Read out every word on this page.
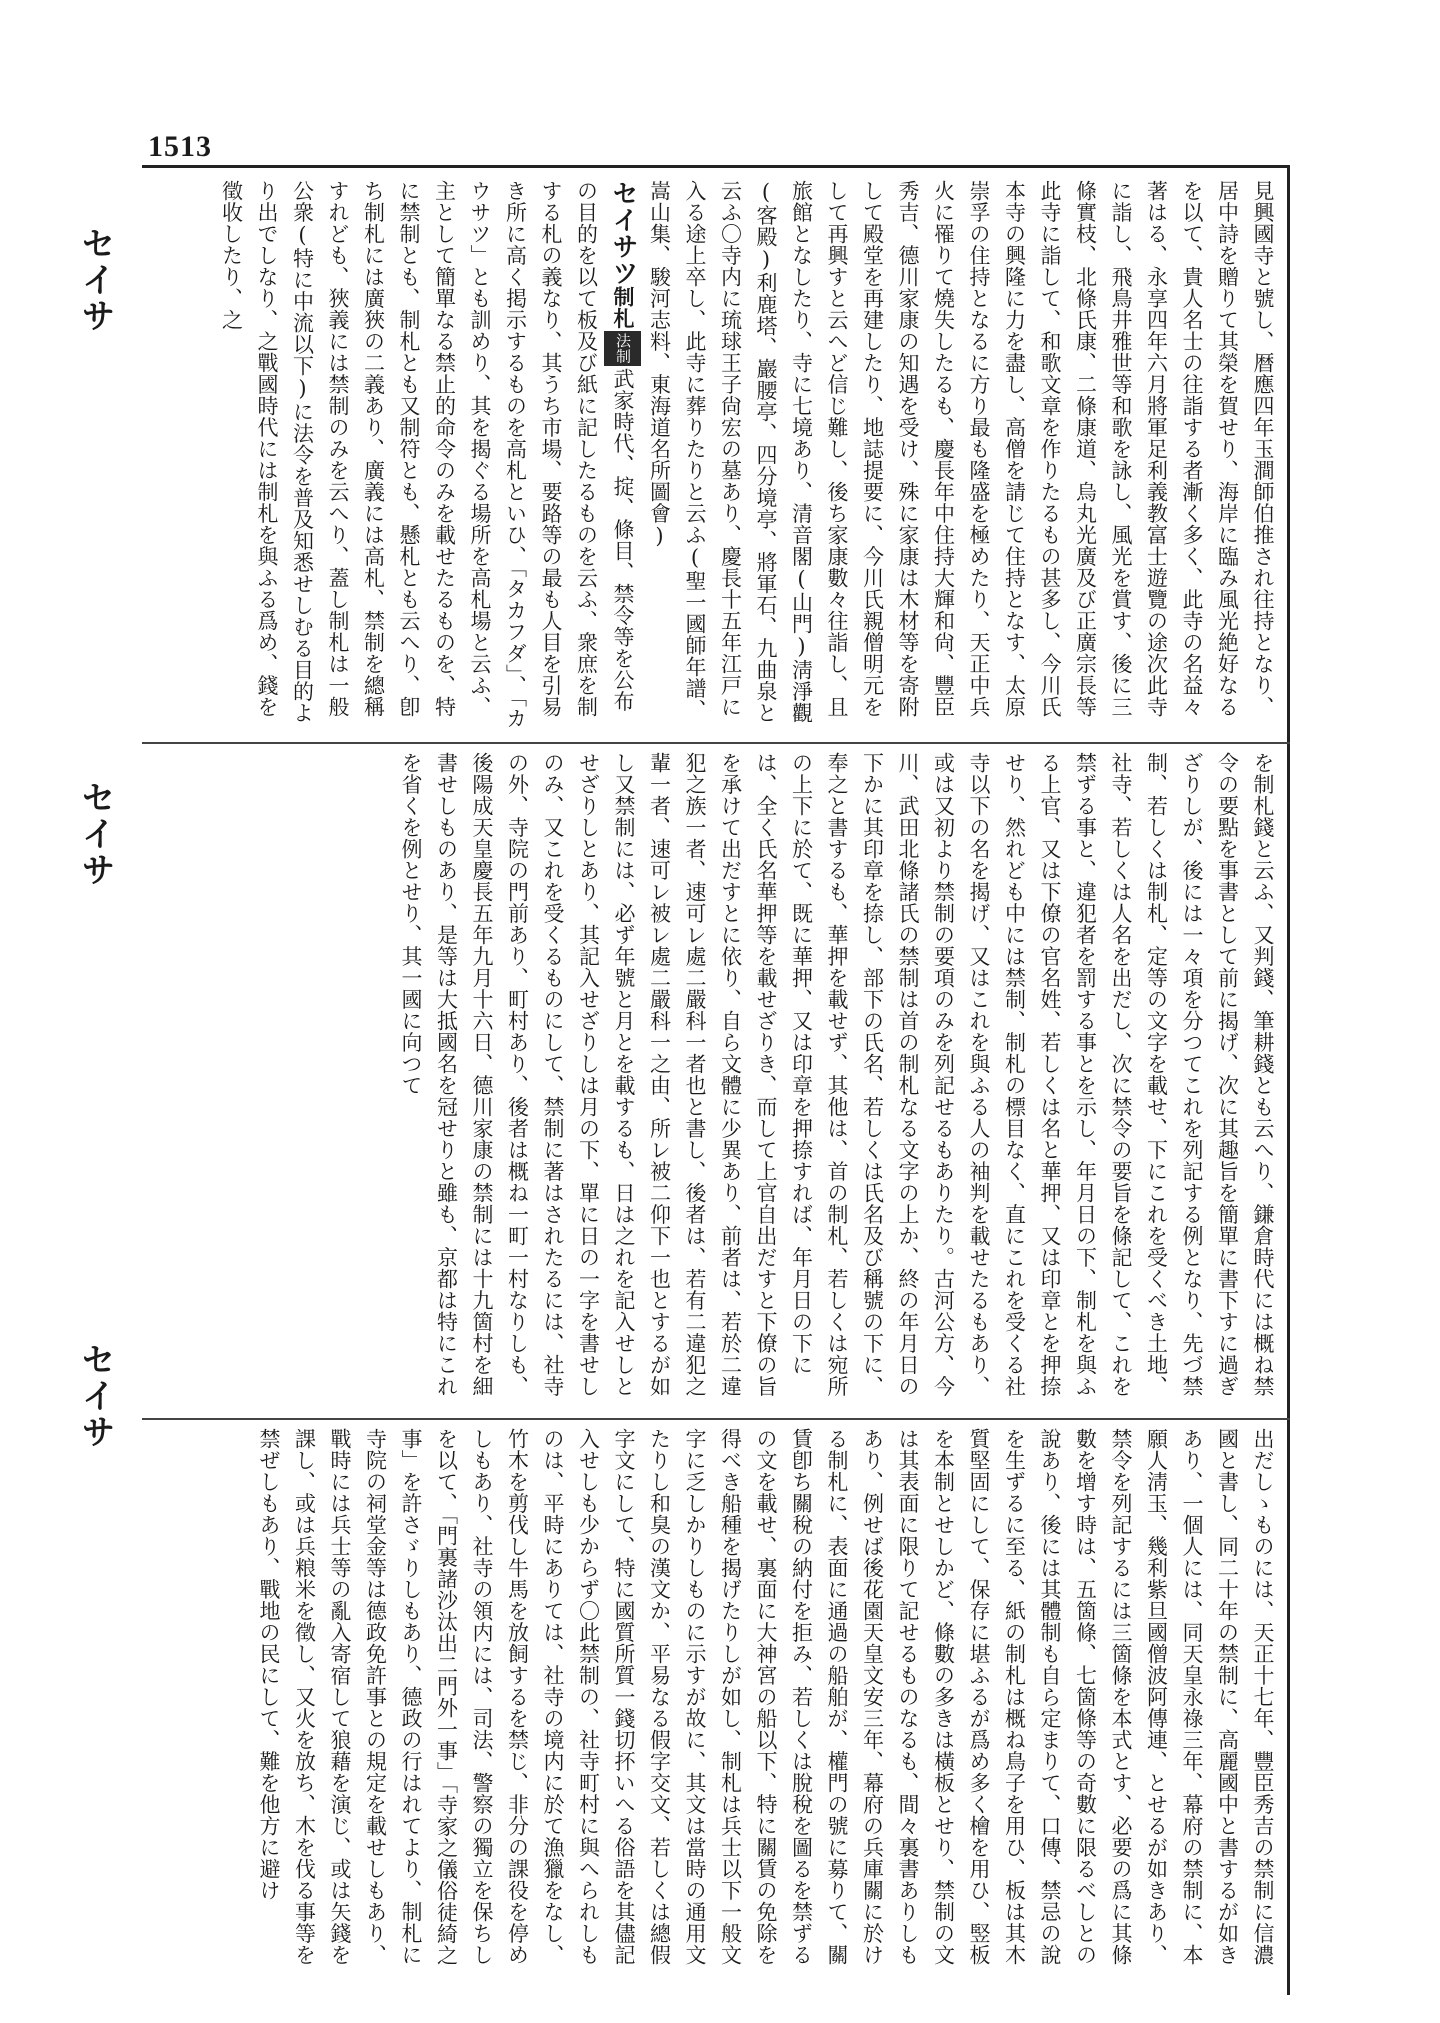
1513
セイサ
セイサ
セイサ

見興國寺と號し、暦應四年玉澗師伯推され往持となり、居中詩を贈りて其榮を賀せり、海岸に臨み風光絶好なるを以て、貴人名士の往詣する者漸く多く、此寺の名益々著はる、永享四年六月將軍足利義教富士遊覽の途次此寺に詣し、飛鳥井雅世等和歌を詠し、風光を賞す、後に三條實枝、北條氏康、二條康道、烏丸光廣及び正廣宗長等此寺に詣して、和歌文章を作りたるもの甚多し、今川氏本寺の興隆に力を盡し、高僧を請じて住持となす、太原崇孚の住持となるに方り最も隆盛を極めたり、天正中兵火に罹りて燒失したるも、慶長年中住持大輝和尙、豐臣秀吉、德川家康の知遇を受け、殊に家康は木材等を寄附して殿堂を再建したり、地誌提要に、今川氏親僧明元をして再興すと云へど信じ難し、後ち家康數々往詣し、且旅館となしたり、寺に七境あり、清音閣(山門)淸淨觀(客殿)利鹿塔、巖腰亭、四分境亭、將軍石、九曲泉と云ふ〇寺内に琉球王子尙宏の墓あり、慶長十五年江戸に入る途上卒し、此寺に葬りたりと云ふ(聖一國師年譜、嵩山集、駿河志料、東海道名所圖會)

セイサツ制札法制武家時代、掟、條目、禁令等を公布の目的を以て板及び紙に記したるものを云ふ、衆庶を制する札の義なり、其うち市場、要路等の最も人目を引易き所に高く掲示するものを高札といひ、「タカフダ」、「カウサツ」とも訓めり、其を揭ぐる場所を高札場と云ふ、主として簡單なる禁止的命令のみを載せたるものを、特に禁制とも、制札とも又制符とも、懸札とも云へり、卽ち制札には廣狹の二義あり、廣義には高札、禁制を總稱すれども、狹義には禁制のみを云へり、蓋し制札は一般公衆(特に中流以下)に法令を普及知悉せしむる目的より出でしなり、之戰國時代には制札を與ふる爲め、錢を徵收したり、之

を制札錢と云ふ、又判錢、筆耕錢とも云へり、鎌倉時代には概ね禁令の要點を事書として前に揭げ、次に其趣旨を簡單に書下すに過ぎざりしが、後には一々項を分つてこれを列記する例となり、先づ禁制、若しくは制札、定等の文字を載せ、下にこれを受くべき土地、社寺、若しくは人名を出だし、次に禁令の要旨を條記して、これを禁ずる事と、違犯者を罰する事とを示し、年月日の下、制札を與ふる上官、又は下僚の官名姓、若しくは名と華押、又は印章とを押捺せり、然れども中には禁制、制札の標目なく、直にこれを受くる社寺以下の名を揭げ、又はこれを與ふる人の袖判を載せたるもあり、或は又初より禁制の要項のみを列記せるもありたり。古河公方、今川、武田北條諸氏の禁制は首の制札なる文字の上か、終の年月日の下かに其印章を捺し、部下の氏名、若しくは氏名及び稱號の下に、奉之と書するも、華押を載せず、其他は、首の制札、若しくは宛所の上下に於て、既に華押、又は印章を押捺すれば、年月日の下には、全く氏名華押等を載せざりき、而して上官自出だすと下僚の旨を承けて出だすとに依り、自ら文體に少異あり、前者は、若於二違犯之族一者、速可レ處二嚴科一者也と書し、後者は、若有二違犯之輩一者、速可レ被レ處二嚴科一之由、所レ被二仰下一也とするが如し又禁制には、必ず年號と月とを載するも、日は之れを記入せしとせざりしとあり、其記入せざりしは月の下、單に日の一字を書せしのみ、又これを受くるものにして、禁制に著はされたるには、社寺の外、寺院の門前あり、町村あり、後者は概ね一町一村なりしも、後陽成天皇慶長五年九月十六日、德川家康の禁制には十九箇村を細書せしものあり、是等は大抵國名を冠せりと雖も、京都は特にこれを省くを例とせり、其一國に向つて

出だしゝものには、天正十七年、豐臣秀吉の禁制に信濃國と書し、同二十年の禁制に、高麗國中と書するが如きあり、一個人には、同天皇永祿三年、幕府の禁制に、本願人淸玉、幾利紫旦國僧波阿傳連、とせるが如きあり、禁令を列記するには三箇條を本式とす、必要の爲に其條數を增す時は、五箇條、七箇條等の奇數に限るべしとの說あり、後には其體制も自ら定まりて、口傳、禁忌の說を生ずるに至る、紙の制札は概ね鳥子を用ひ、板は其木質堅固にして、保存に堪ふるが爲め多く檜を用ひ、竪板を本制とせしかど、條數の多きは橫板とせり、禁制の文は其表面に限りて記せるものなるも、間々裏書ありしもあり、例せば後花園天皇文安三年、幕府の兵庫關に於ける制札に、表面に通過の船舶が、權門の號に募りて、關賃卽ち關稅の納付を拒み、若しくは脫稅を圖るを禁ずるの文を載せ、裏面に大神宮の船以下、特に關賃の免除を得べき船種を揭げたりしが如し、制札は兵士以下一般文字に乏しかりしものに示すが故に、其文は當時の通用文たりし和臭の漢文か、平易なる假字交文、若しくは總假字文にして、特に國質所質一錢切抔いへる俗語を其儘記入せしも少からず〇此禁制の、社寺町村に與へられしものは、平時にありては、社寺の境内に於て漁獵をなし、竹木を剪伐し牛馬を放飼するを禁じ、非分の課役を停めしもあり、社寺の領内には、司法、警察の獨立を保ちしを以て、「門裏諸沙汰出二門外一事」「寺家之儀俗徒綺之事」を許さゞりしもあり、德政の行はれてより、制札に寺院の祠堂金等は德政免許事との規定を載せしもあり、戰時には兵士等の亂入寄宿して狼藉を演じ、或は矢錢を課し、或は兵粮米を徵し、又火を放ち、木を伐る事等を禁ぜしもあり、戰地の民にして、難を他方に避け
